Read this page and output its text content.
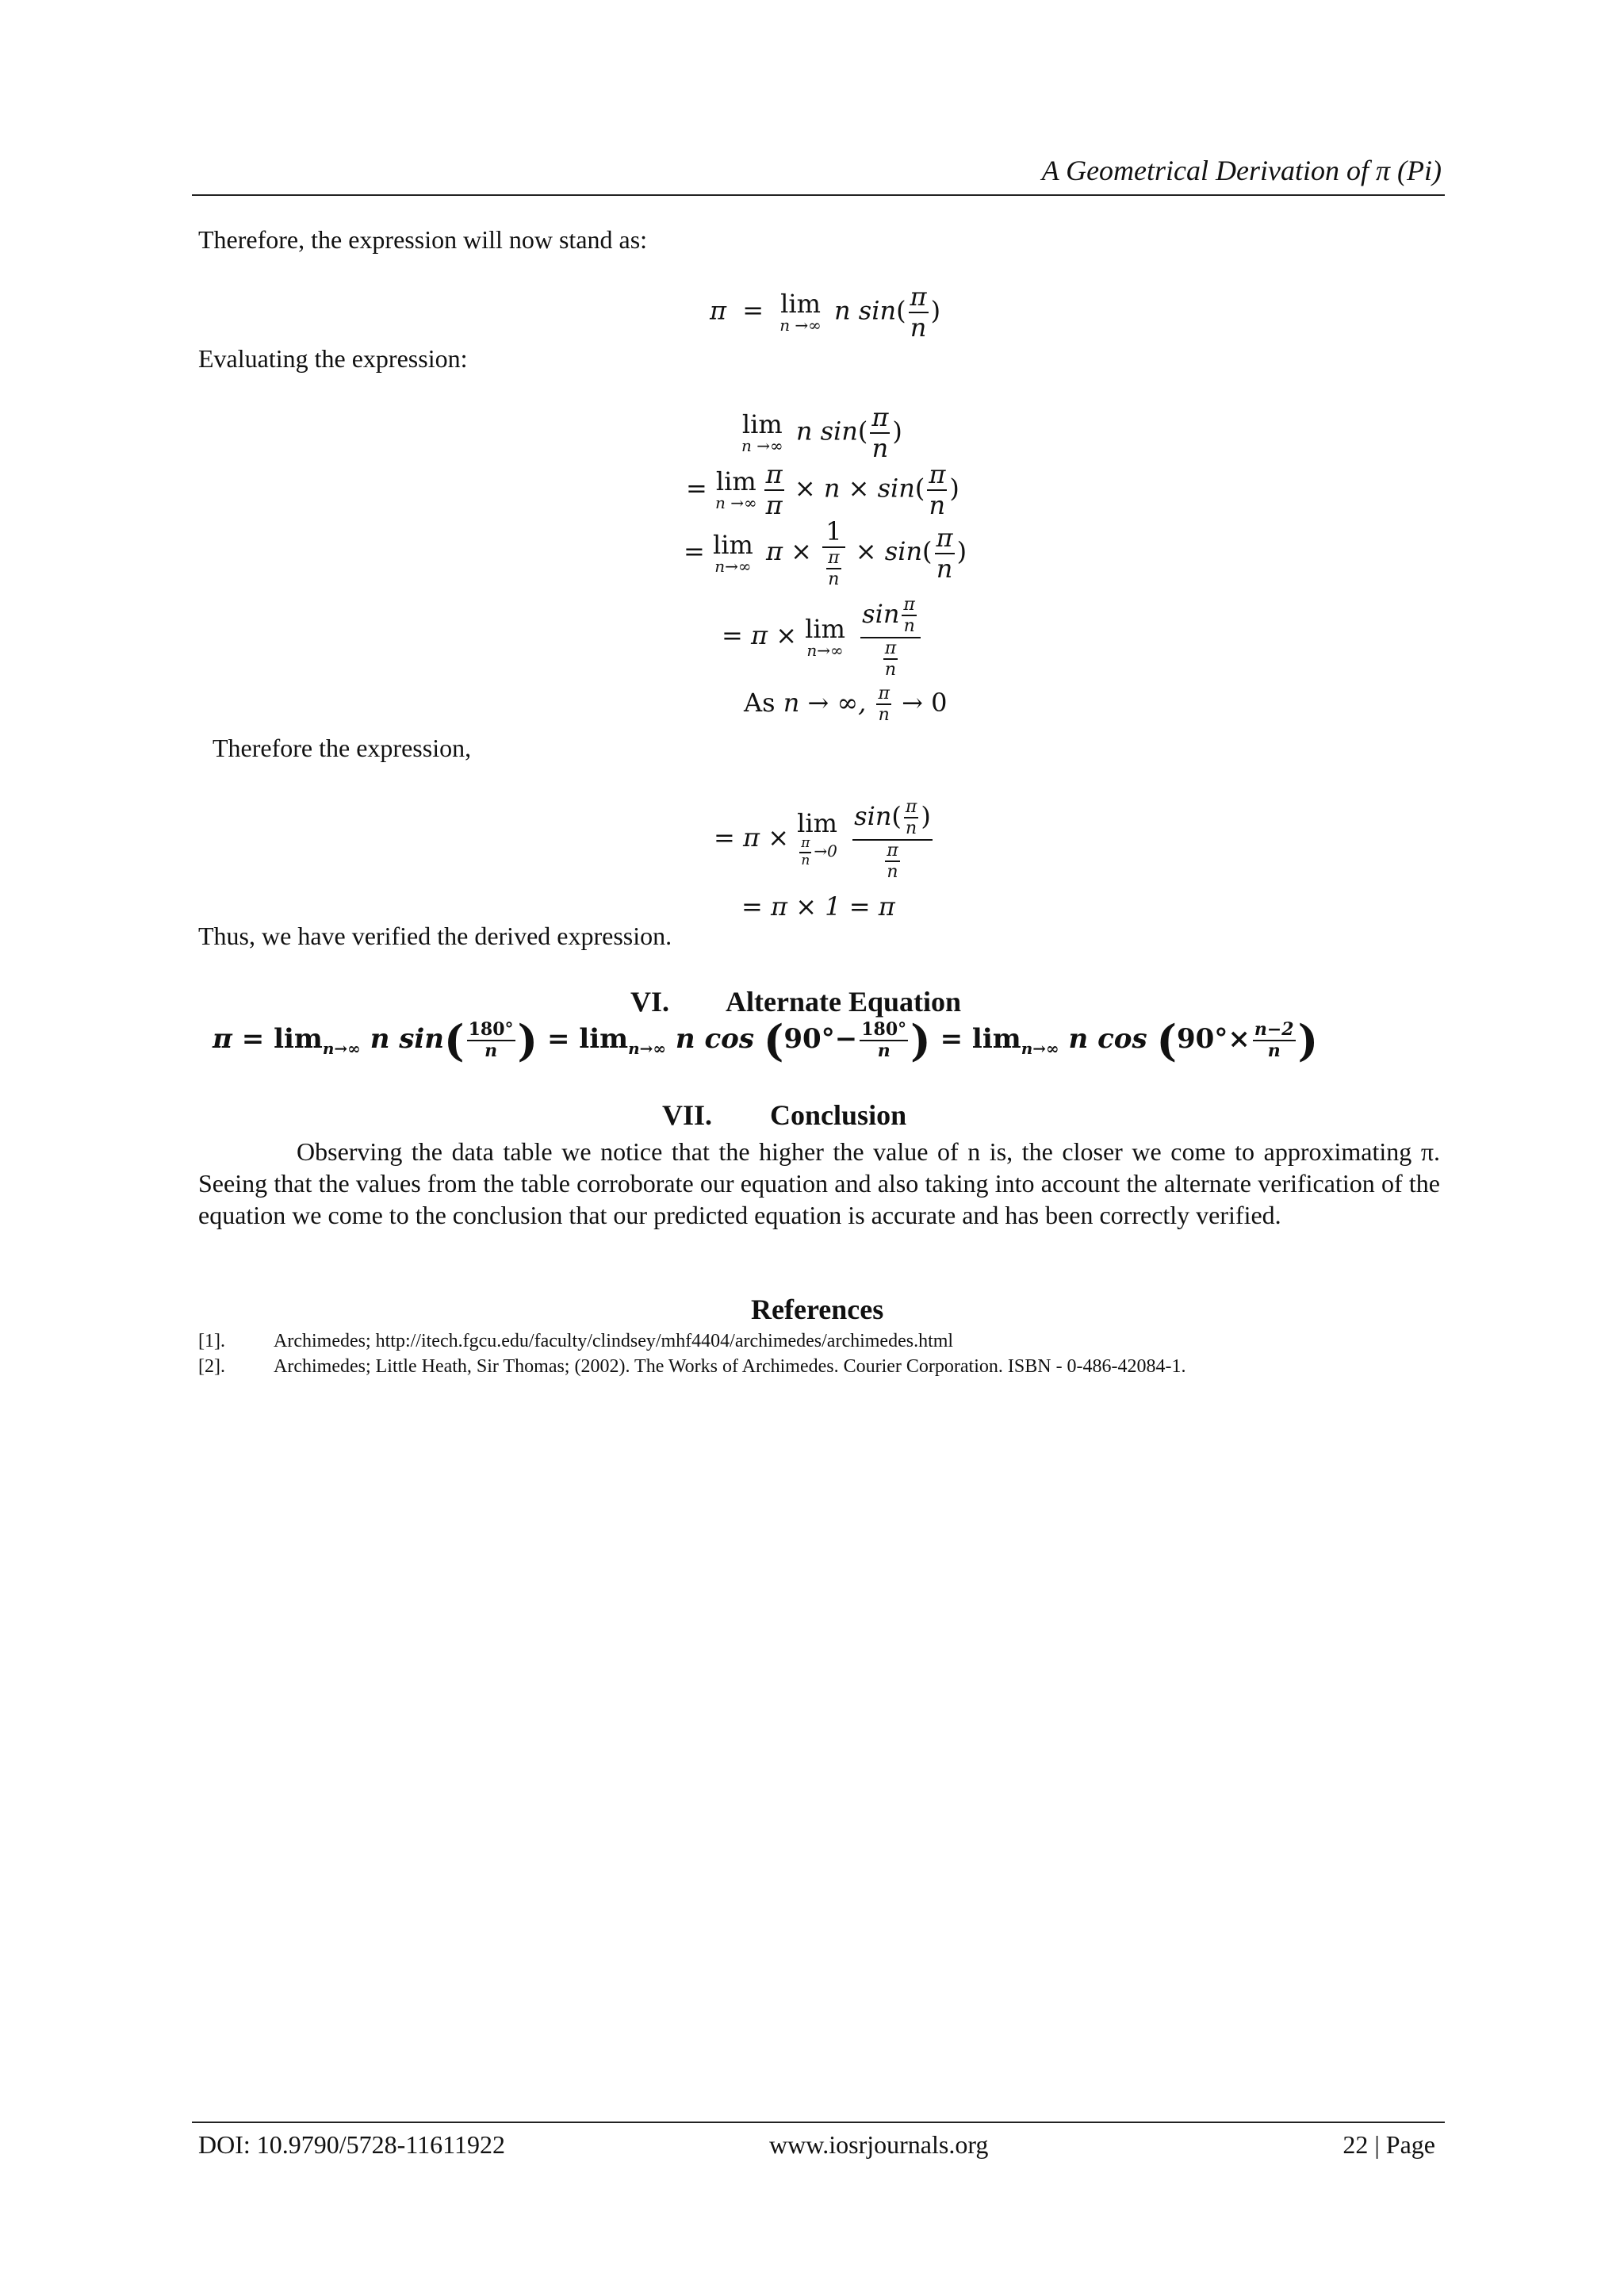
A Geometrical Derivation of π (Pi)
Therefore, the expression will now stand as:
π = lim
n →∞ n $\sin( \frac{\pi}{n}$ )
Evaluating the expression:
lim
n →∞ n $\sin( \frac{\pi}{n}$ )
= lim
n →∞ $\frac{\pi}{\pi} \times n \times \sin( \frac{\pi}{n}$ )
= lim
n→∞ $\pi \times \frac{1}{\frac{\pi}{n}} \times \sin( \frac{\pi}{n}$ )
= π × lim
n→∞
$\frac{\sin \frac{\pi}{n}}{\frac{\pi}{n}}$
As n → ∞, $\frac{\pi}{n} \to 0$
Therefore the expression,
= π × lim
$\frac{\pi}{n} \to 0$
$\frac{\sin( \frac{\pi}{n} )}{\frac{\pi}{n}}$
= π × 1 = π
Thus, we have verified the derived expression.
VI. Alternate Equation
$\pi = \lim_{n\to\infty} n$ $\sin( \frac{180^\circ}{n}$ ) = $\lim_{n\to\infty} n$ $\cos (90^\circ- \frac{180^\circ}{n}$ ) = $\lim_{n\to\infty} n$ $\cos (90^\circ\times \frac{n-2}{n}$ )
VII. Conclusion
Observing the data table we notice that the higher the value of n is, the closer we come to approximating π. Seeing that the values from the table corroborate our equation and also taking into account the alternate verification of the equation we come to the conclusion that our predicted equation is accurate and has been correctly verified.
References
[1].	Archimedes; http://itech.fgcu.edu/faculty/clindsey/mhf4404/archimedes/archimedes.html
[2].	Archimedes; Little Heath, Sir Thomas; (2002). The Works of Archimedes. Courier Corporation. ISBN - 0-486-42084-1.
DOI: 10.9790/5728-11611922	www.iosrjournals.org	22 | Page
